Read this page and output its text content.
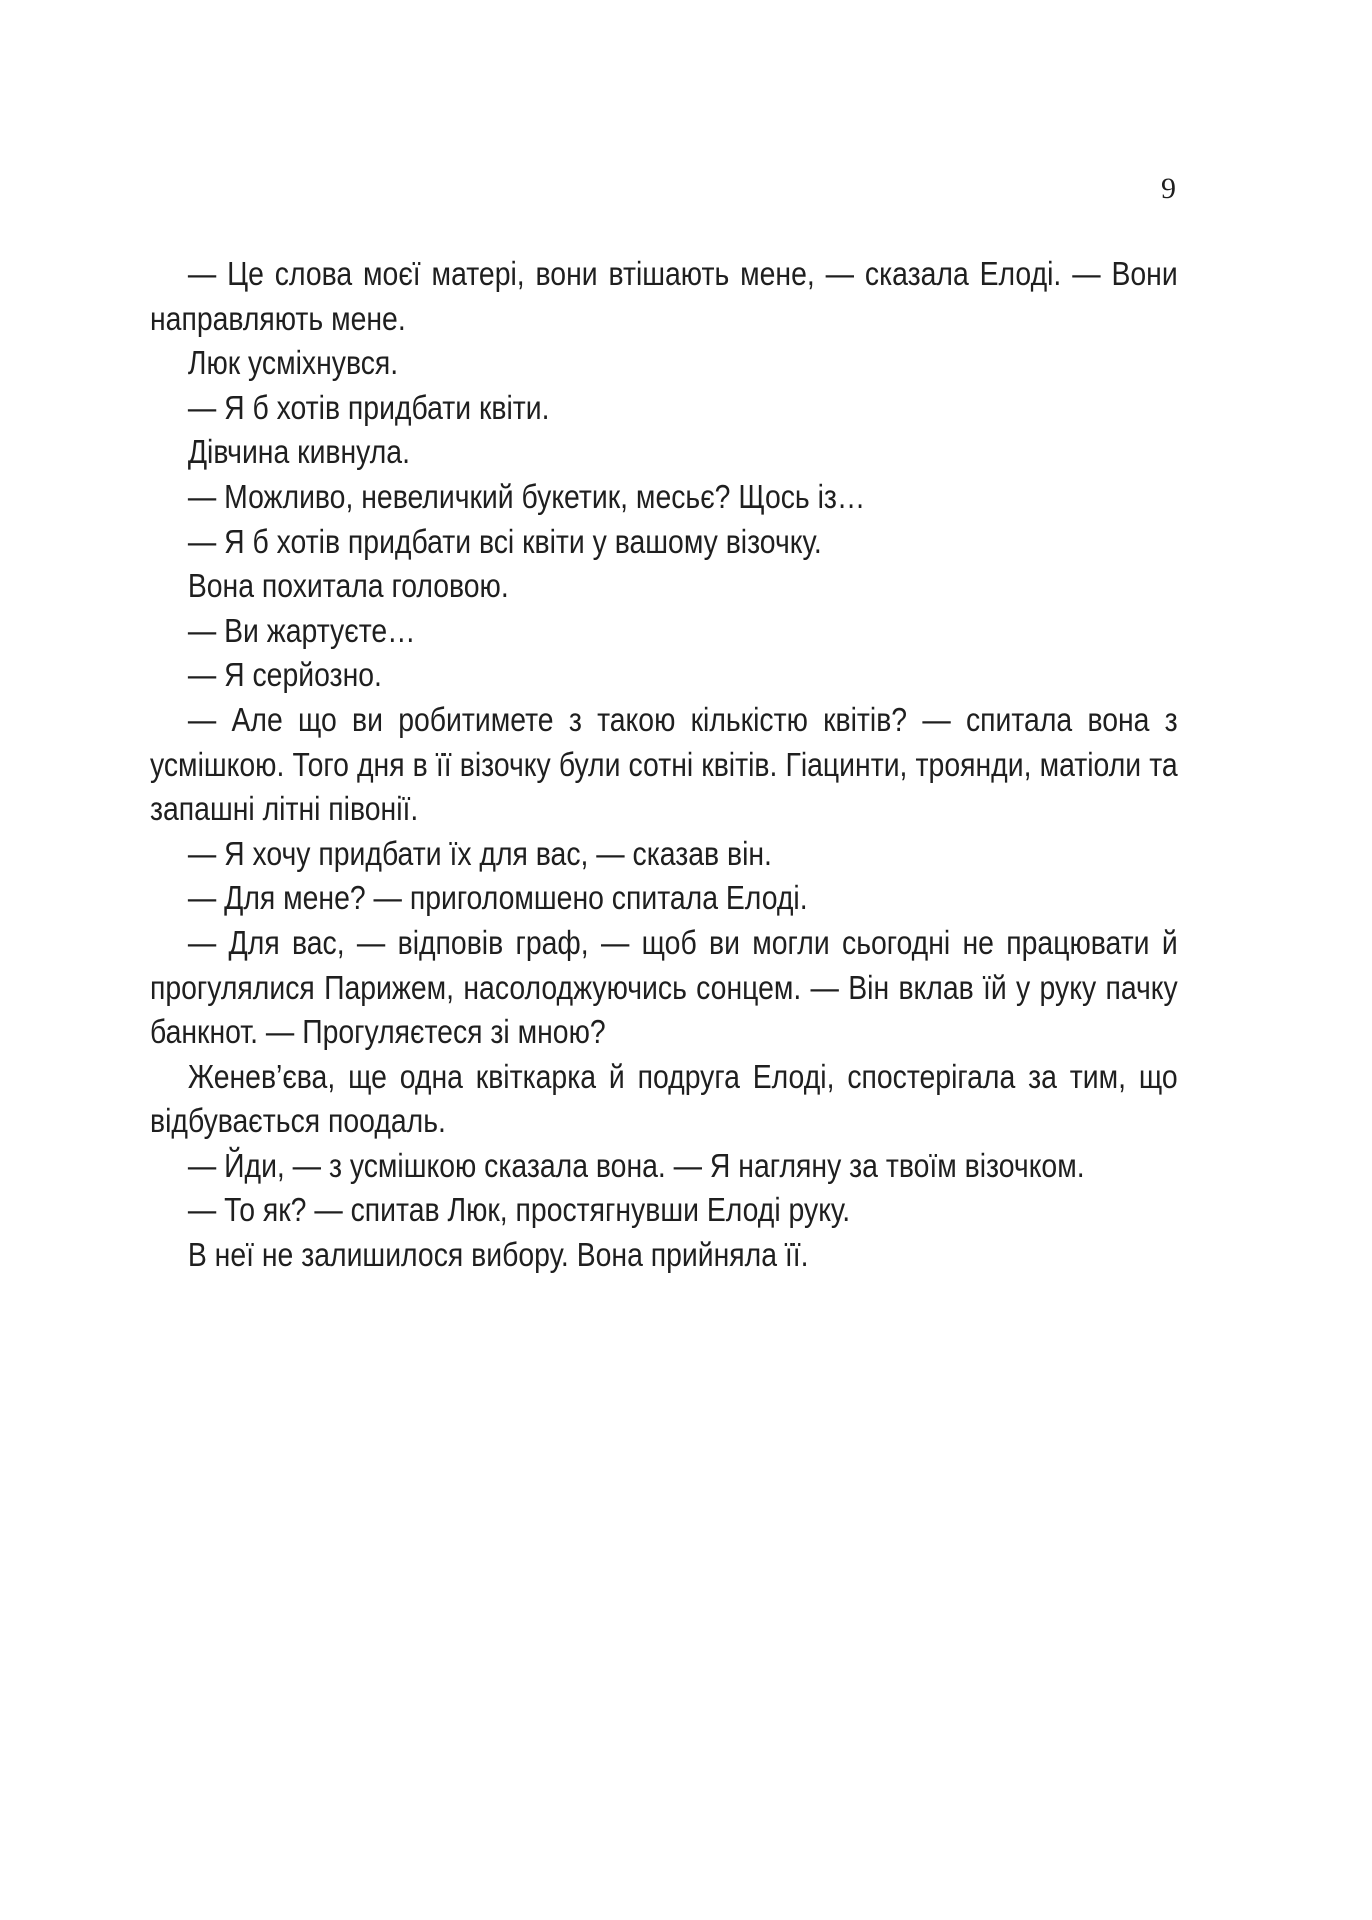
9

— Це слова моєї матері, вони втішають мене, — сказала Елоді. — Вони направляють мене.

Люк усміхнувся.

— Я б хотів придбати квіти.

Дівчина кивнула.

— Можливо, невеличкий букетик, месьє? Щось із…

— Я б хотів придбати всі квіти у вашому візочку.

Вона похитала головою.

— Ви жартуєте…

— Я серйозно.

— Але що ви робитимете з такою кількістю квітів? — спитала вона з усмішкою. Того дня в її візочку були сотні квітів. Гіацинти, троянди, матіоли та запашні літні півонії.

— Я хочу придбати їх для вас, — сказав він.

— Для мене? — приголомшено спитала Елоді.

— Для вас, — відповів граф, — щоб ви могли сьогодні не працювати й прогулялися Парижем, насолоджуючись сонцем. — Він вклав їй у руку пачку банкнот. — Прогуляєтеся зі мною?

Женев’єва, ще одна квіткарка й подруга Елоді, спостерігала за тим, що відбувається поодаль.

— Йди, — з усмішкою сказала вона. — Я нагляну за твоїм візочком.

— То як? — спитав Люк, простягнувши Елоді руку.

В неї не залишилося вибору. Вона прийняла її.
